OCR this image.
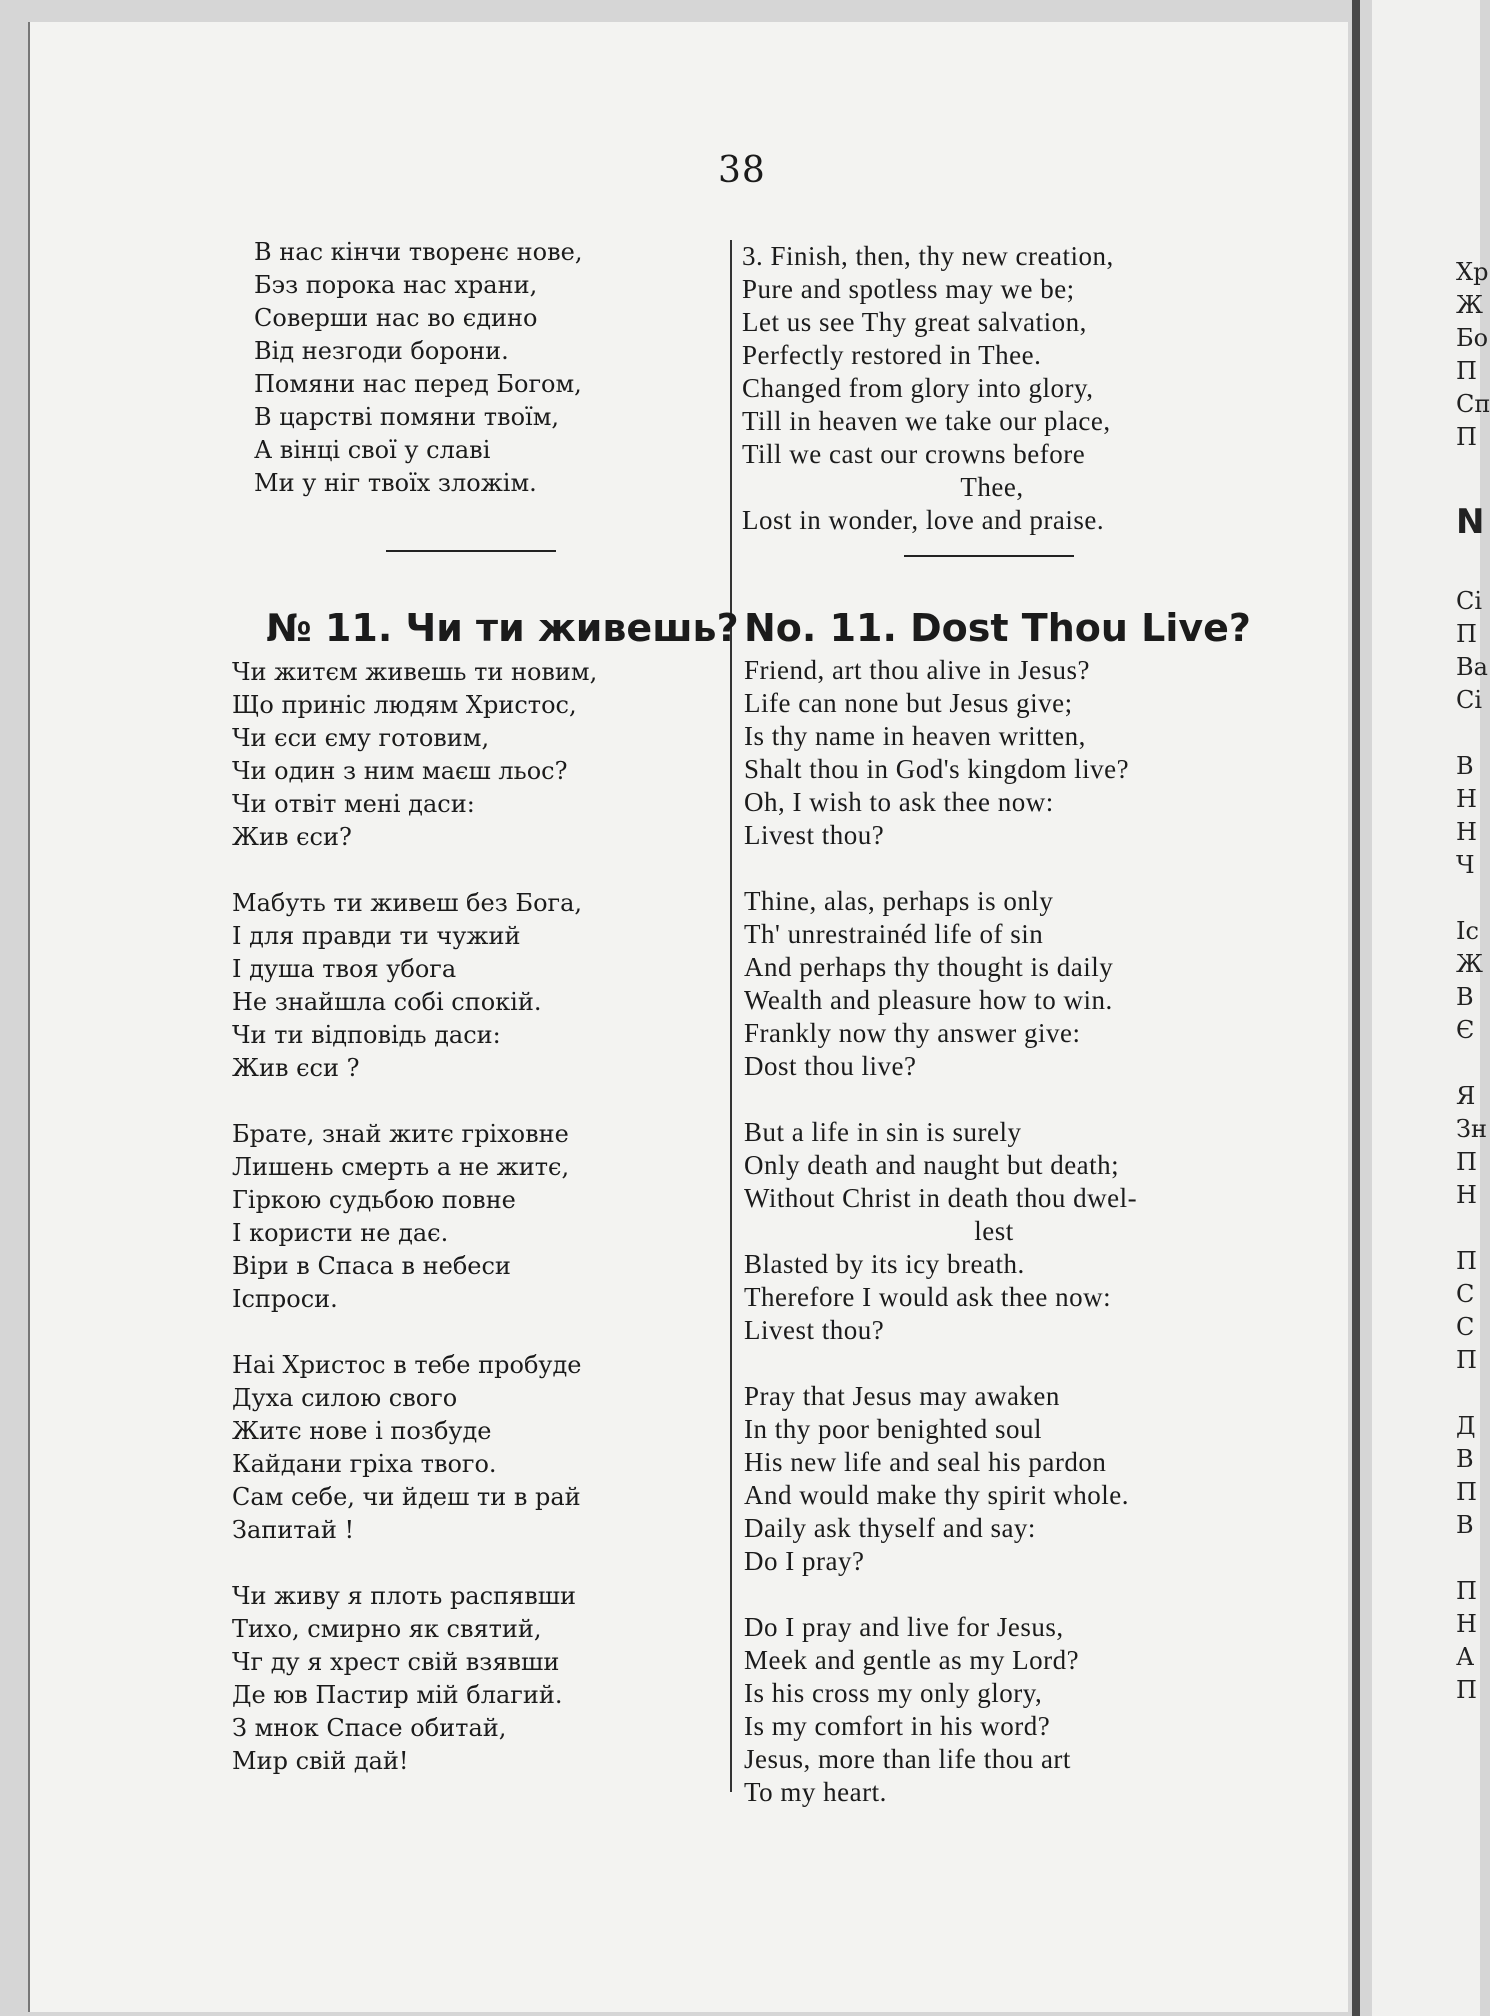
38
В нас кінчи творенє нове,
Бэз порока нас храни,
Соверши нас во єдино
Від незгоди борони.
Помяни нас перед Богом,
В царстві помяни твоїм,
А вінці свої у славі
Ми у ніг твоїх зложім.
3. Finish, then, thy new creation,
Pure and spotless may we be;
Let us see Thy great salvation,
Perfectly restored in Thee.
Changed from glory into glory,
Till in heaven we take our place,
Till we cast our crowns before
Thee,
Lost in wonder, love and praise.
№ 11. Чи ти живешь? No. 11. Dost Thou Live?
Чи житєм живешь ти новим,
Що приніс людям Христос,
Чи єси єму готовим,
Чи один з ним маєш льос?
Чи отвіт мені даси:
Жив єси?
Мабуть ти живеш без Бога,
І для правди ти чужий
І душа твоя убога
Не знайшла собі спокій.
Чи ти відповідь даси:
Жив єси ?
Брате, знай житє гріховне
Лишень смерть а не житє,
Гіркою судьбою повне
І користи не дає.
Віри в Спаса в небеси
Іспроси.
Наі Христос в тебе пробуде
Духа силою свого
Житє нове і позбуде
Кайдани гріха твого.
Сам себе, чи йдеш ти в рай
Запитай !
Чи живу я плоть распявши
Тихо, смирно як святий,
Чг ду я хрест свій взявши
Де юв Пастир мій благий.
З мнок Спасе обитай,
Мир свій дай!
Friend, art thou alive in Jesus?
Life can none but Jesus give;
Is thy name in heaven written,
Shalt thou in God's kingdom live?
Oh, I wish to ask thee now:
Livest thou?
Thine, alas, perhaps is only
Th' unrestrainéd life of sin
And perhaps thy thought is daily
Wealth and pleasure how to win.
Frankly now thy answer give:
Dost thou live?
But a life in sin is surely
Only death and naught but death;
Without Christ in death thou dwel-
lest
Blasted by its icy breath.
Therefore I would ask thee now:
Livest thou?
Pray that Jesus may awaken
In thy poor benighted soul
His new life and seal his pardon
And would make thy spirit whole.
Daily ask thyself and say:
Do I pray?
Do I pray and live for Jesus,
Meek and gentle as my Lord?
Is his cross my only glory,
Is my comfort in his word?
Jesus, more than life thou art
To my heart.
Хр
Ж
Бо
П
Сп
П
N
Сі
П
Ва
Сі
В
Н
Н
Ч
Іс
Ж
В
Є
Я
Зн
П
Н
П
С
С
П
Д
В
П
В
П
Н
А
П
